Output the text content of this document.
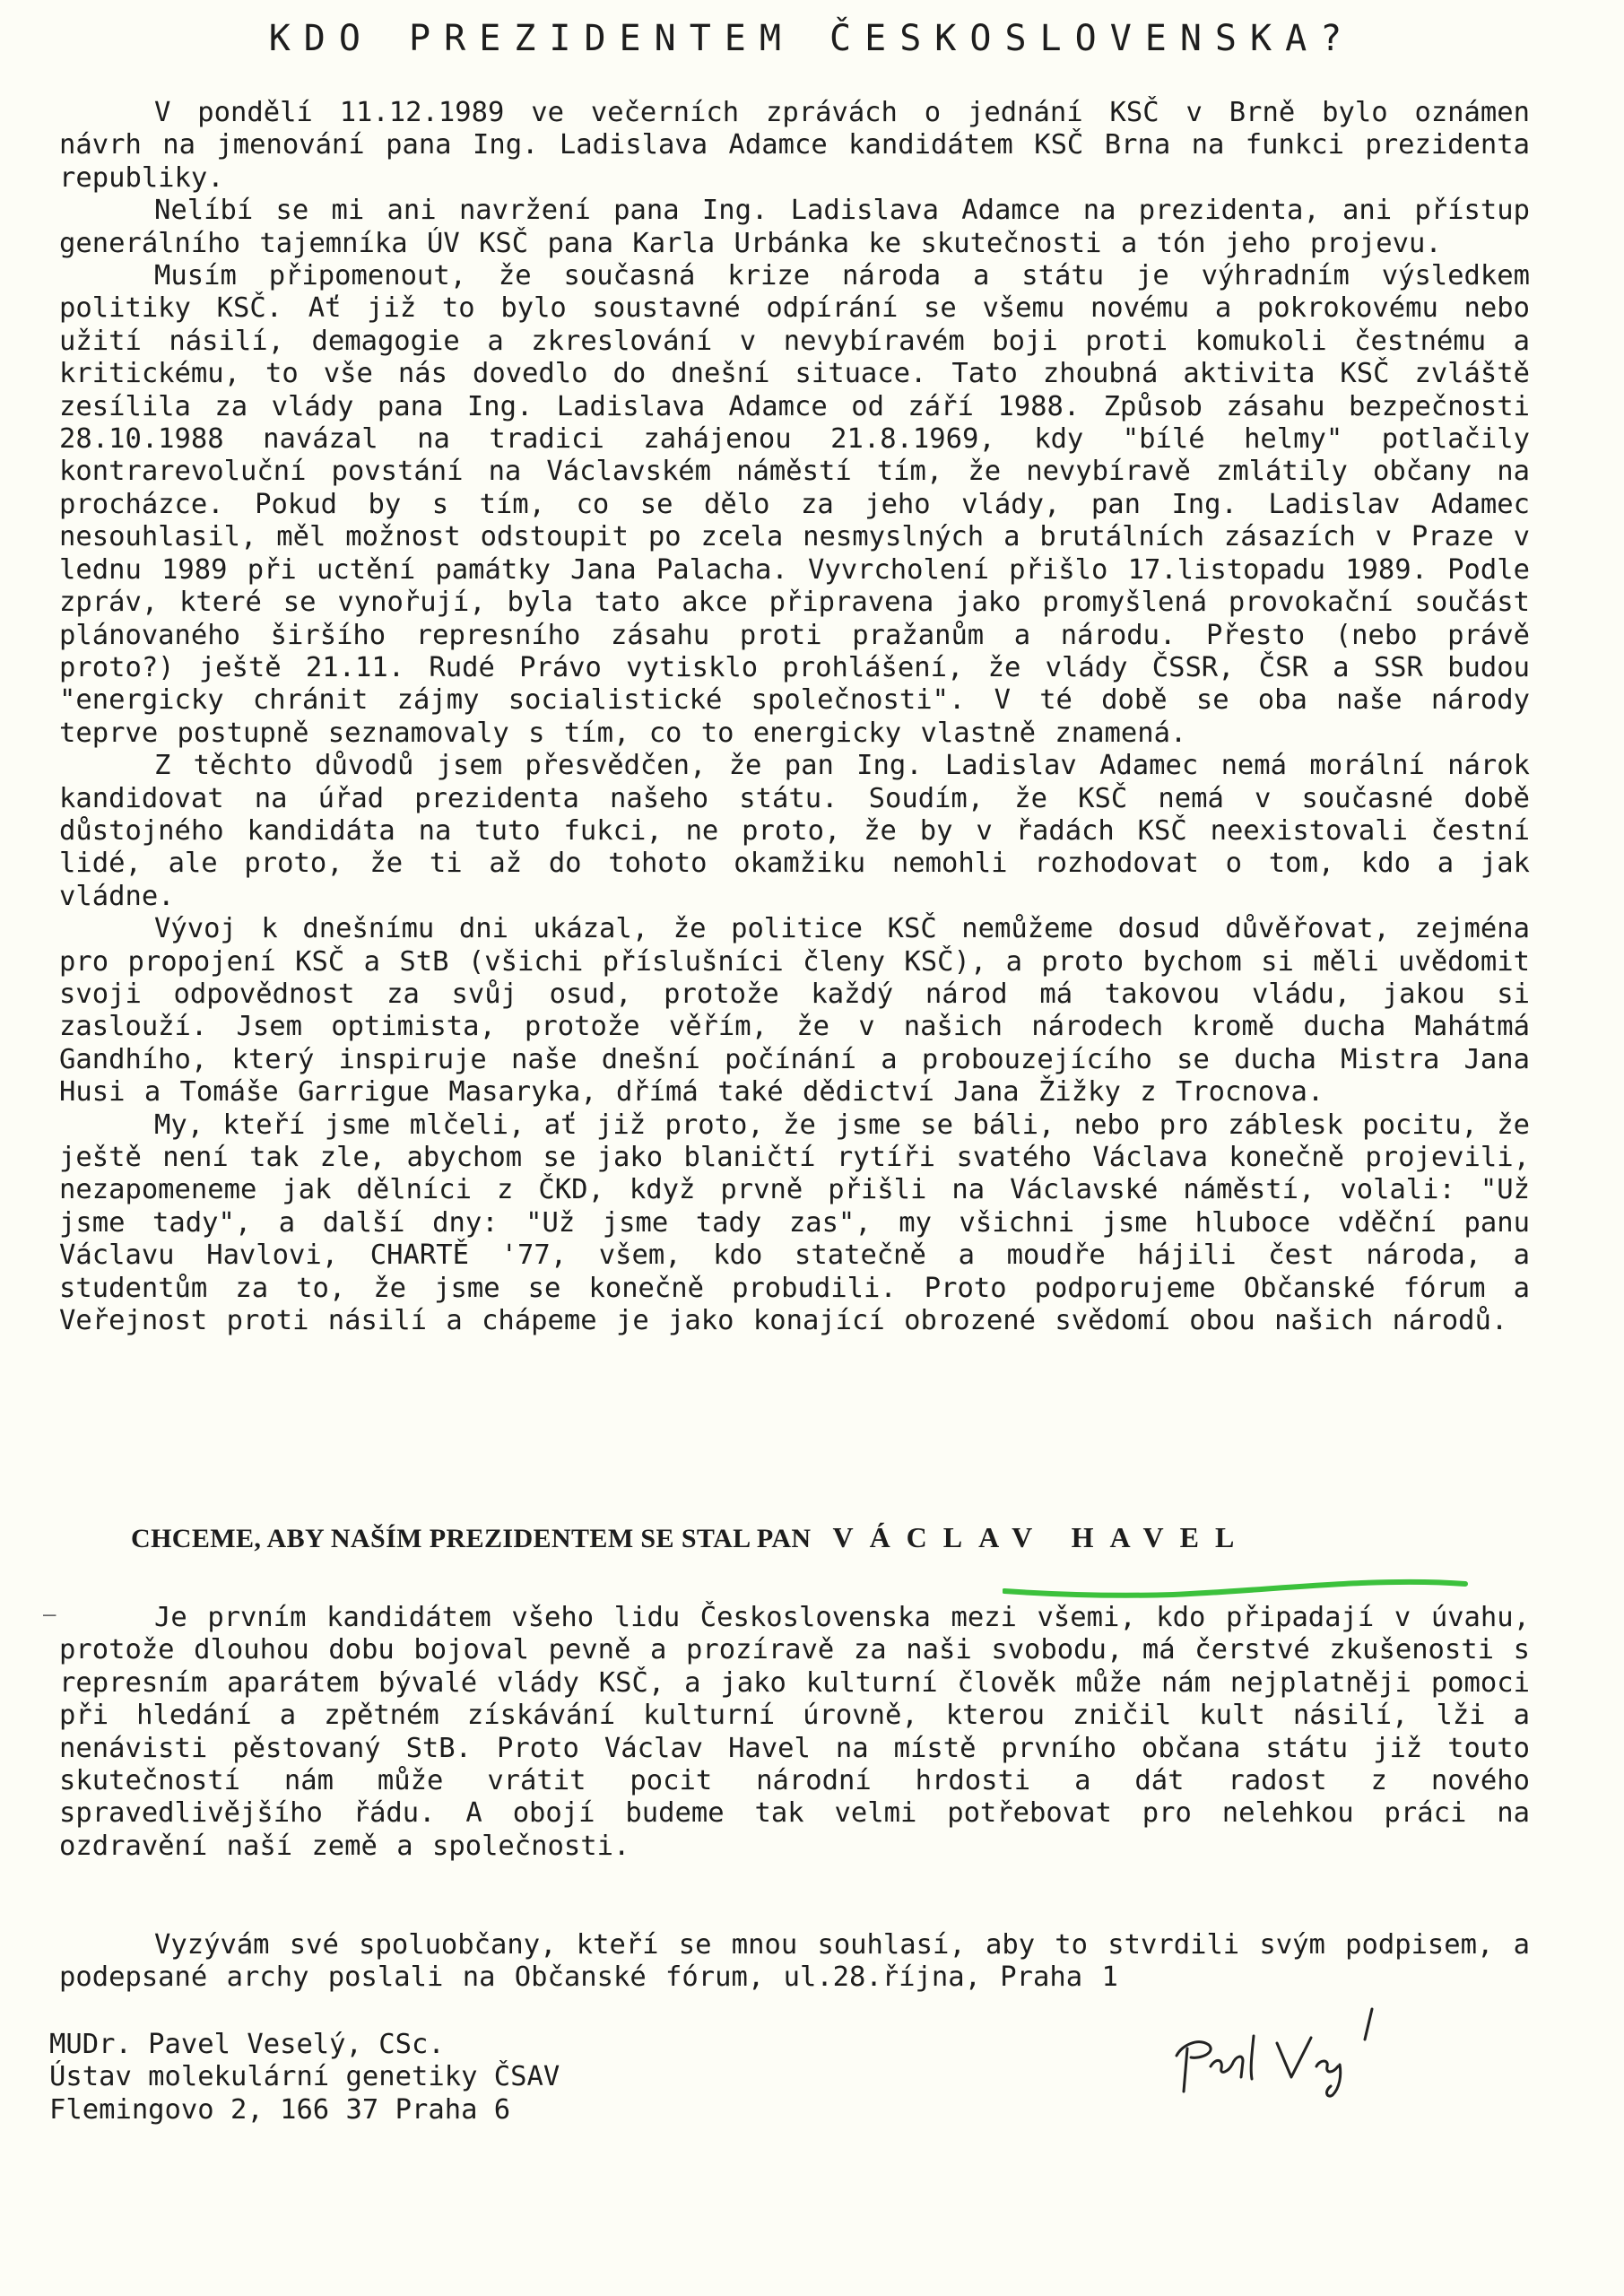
KDO PREZIDENTEM ČESKOSLOVENSKA?

V pondělí 11.12.1989 ve večerních zprávách o jednání KSČ v Brně bylo oznámen návrh na jmenování pana Ing. Ladislava Adamce kandidátem KSČ Brna na funkci prezidenta republiky.

Nelíbí se mi ani navržení pana Ing. Ladislava Adamce na prezidenta, ani přístup generálního tajemníka ÚV KSČ pana Karla Urbánka ke skutečnosti a tón jeho projevu.

Musím připomenout, že současná krize národa a státu je výhradním výsledkem politiky KSČ. Ať již to bylo soustavné odpírání se všemu novému a pokrokovému nebo užití násilí, demagogie a zkreslování v nevybíravém boji proti komukoli čestnému a kritickému, to vše nás dovedlo do dnešní situace. Tato zhoubná aktivita KSČ zvláště zesílila za vlády pana Ing. Ladislava Adamce od září 1988. Způsob zásahu bezpečnosti 28.10.1988 navázal na tradici zahájenou 21.8.1969, kdy "bílé helmy" potlačily kontrarevoluční povstání na Václavském náměstí tím, že nevybíravě zmlátily občany na procházce. Pokud by s tím, co se dělo za jeho vlády, pan Ing. Ladislav Adamec nesouhlasil, měl možnost odstoupit po zcela nesmyslných a brutálních zásazích v Praze v lednu 1989 při uctění památky Jana Palacha. Vyvrcholení přišlo 17.listopadu 1989. Podle zpráv, které se vynořují, byla tato akce připravena jako promyšlená provokační součást plánovaného širšího represního zásahu proti pražanům a národu. Přesto (nebo právě proto?) ještě 21.11. Rudé Právo vytisklo prohlášení, že vlády ČSSR, ČSR a SSR budou "energicky chránit zájmy socialistické společnosti". V té době se oba naše národy teprve postupně seznamovaly s tím, co to energicky vlastně znamená.

Z těchto důvodů jsem přesvědčen, že pan Ing. Ladislav Adamec nemá morální nárok kandidovat na úřad prezidenta našeho státu. Soudím, že KSČ nemá v současné době důstojného kandidáta na tuto fukci, ne proto, že by v řadách KSČ neexistovali čestní lidé, ale proto, že ti až do tohoto okamžiku nemohli rozhodovat o tom, kdo a jak vládne.

Vývoj k dnešnímu dni ukázal, že politice KSČ nemůžeme dosud důvěřovat, zejména pro propojení KSČ a StB (všichi příslušníci členy KSČ), a proto bychom si měli uvědomit svoji odpovědnost za svůj osud, protože každý národ má takovou vládu, jakou si zaslouží. Jsem optimista, protože věřím, že v našich národech kromě ducha Mahátmá Gandhího, který inspiruje naše dnešní počínání a probouzejícího se ducha Mistra Jana Husi a Tomáše Garrigue Masaryka, dřímá také dědictví Jana Žižky z Trocnova.

My, kteří jsme mlčeli, ať již proto, že jsme se báli, nebo pro záblesk pocitu, že ještě není tak zle, abychom se jako blaničtí rytíři svatého Václava konečně projevili, nezapomeneme jak dělníci z ČKD, když prvně přišli na Václavské náměstí, volali: "Už jsme tady", a další dny: "Už jsme tady zas", my všichni jsme hluboce vděční panu Václavu Havlovi, CHARTĚ '77, všem, kdo statečně a moudře hájili čest národa, a studentům za to, že jsme se konečně probudili. Proto podporujeme Občanské fórum a Veřejnost proti násilí a chápeme je jako konající obrozené svědomí obou našich národů.

CHCEME, ABY NAŠÍM PREZIDENTEM SE STAL PAN VÁCLAV HAVEL
–	Je prvním kandidátem všeho lidu Československa mezi všemi, kdo připadají v úvahu, protože dlouhou dobu bojoval pevně a prozíravě za naši svobodu, má čerstvé zkušenosti s represním aparátem bývalé vlády KSČ, a jako kulturní člověk může nám nejplatněji pomoci při hledání a zpětném získávání kulturní úrovně, kterou zničil kult násilí, lži a nenávisti pěstovaný StB. Proto Václav Havel na místě prvního občana státu již touto skutečností nám může vrátit pocit národní hrdosti a dát radost z nového spravedlivějšího řádu. A obojí budeme tak velmi potřebovat pro nelehkou práci na ozdravění naší země a společnosti.

Vyzývám své spoluobčany, kteří se mnou souhlasí, aby to stvrdili svým podpisem, a podepsané archy poslali na Občanské fórum, ul.28.října, Praha 1

MUDr. Pavel Veselý, CSc.
Ústav molekulární genetiky ČSAV
Flemingovo 2, 166 37 Praha 6
